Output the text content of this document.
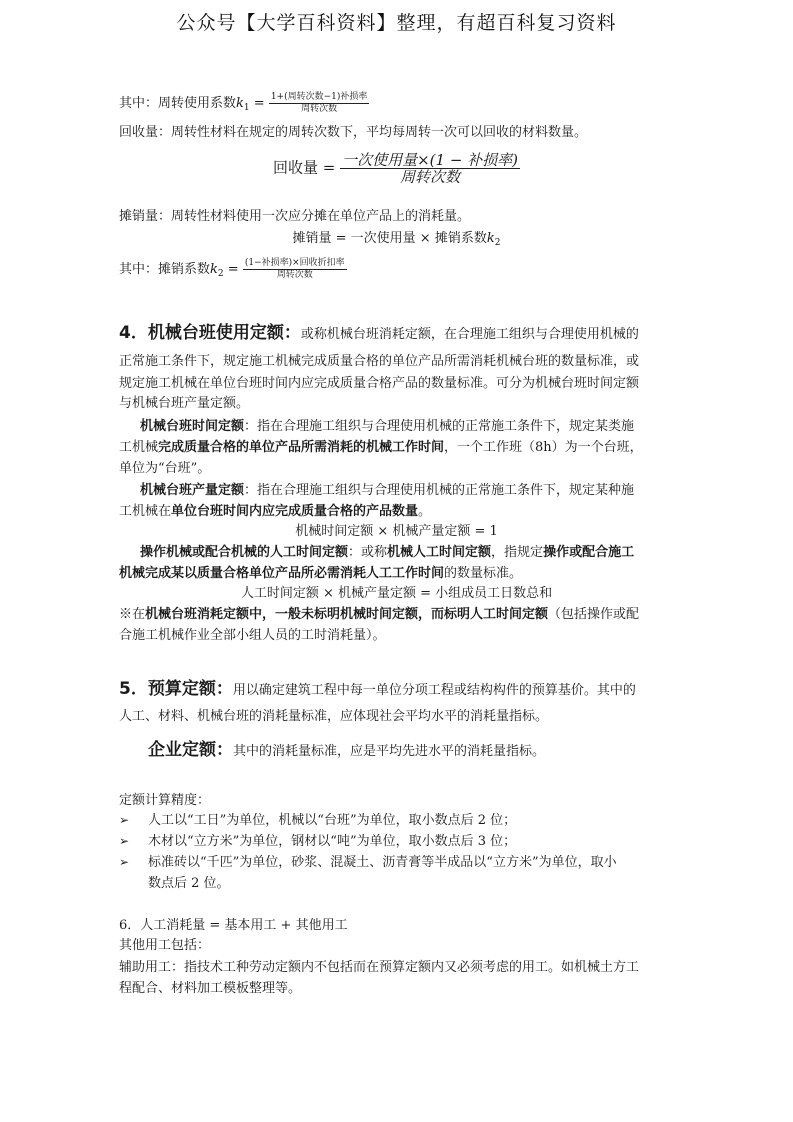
公众号【大学百科资料】整理，有超百科复习资料
其中：周转使用系数$k_1 = \frac{\text{1+(周转次数−1)补损率}}{\text{周转次数}}$
回收量：周转性材料在规定的周转次数下，平均每周转一次可以回收的材料数量。
回收量 = $\frac{\text{一次使用量×(1 − 补损率)}}{\text{周转次数}}$
摊销量：周转性材料使用一次应分摊在单位产品上的消耗量。
摊销量 = 一次使用量 × 摊销系数$k_2$
其中：摊销系数$k_2 = \frac{\text{(1−补损率)×回收折扣率}}{\text{周转次数}}$
4．机械台班使用定额：或称机械台班消耗定额，在合理施工组织与合理使用机械的
正常施工条件下，规定施工机械完成质量合格的单位产品所需消耗机械台班的数量标准，或
规定施工机械在单位台班时间内应完成质量合格产品的数量标准。可分为机械台班时间定额
与机械台班产量定额。
机械台班时间定额：指在合理施工组织与合理使用机械的正常施工条件下，规定某类施
工机械完成质量合格的单位产品所需消耗的机械工作时间，一个工作班（8h）为一个台班，
单位为“台班”。
机械台班产量定额：指在合理施工组织与合理使用机械的正常施工条件下，规定某种施
工机械在单位台班时间内应完成质量合格的产品数量。
机械时间定额 × 机械产量定额 = 1
操作机械或配合机械的人工时间定额：或称机械人工时间定额，指规定操作或配合施工
机械完成某以质量合格单位产品所必需消耗人工工作时间的数量标准。
人工时间定额 × 机械产量定额 = 小组成员工日数总和
※在机械台班消耗定额中，一般未标明机械时间定额，而标明人工时间定额（包括操作或配
合施工机械作业全部小组人员的工时消耗量）。
5．预算定额：用以确定建筑工程中每一单位分项工程或结构构件的预算基价。其中的
人工、材料、机械台班的消耗量标准，应体现社会平均水平的消耗量指标。
企业定额：其中的消耗量标准，应是平均先进水平的消耗量指标。
定额计算精度：
➢ 人工以“工日”为单位，机械以“台班”为单位，取小数点后 2 位；
➢ 木材以“立方米”为单位，钢材以“吨”为单位，取小数点后 3 位；
➢ 标准砖以“千匹”为单位，砂浆、混凝土、沥青膏等半成品以“立方米”为单位，取小
数点后 2 位。
6．人工消耗量 = 基本用工 + 其他用工
其他用工包括：
辅助用工：指技术工种劳动定额内不包括而在预算定额内又必须考虑的用工。如机械土方工
程配合、材料加工模板整理等。
